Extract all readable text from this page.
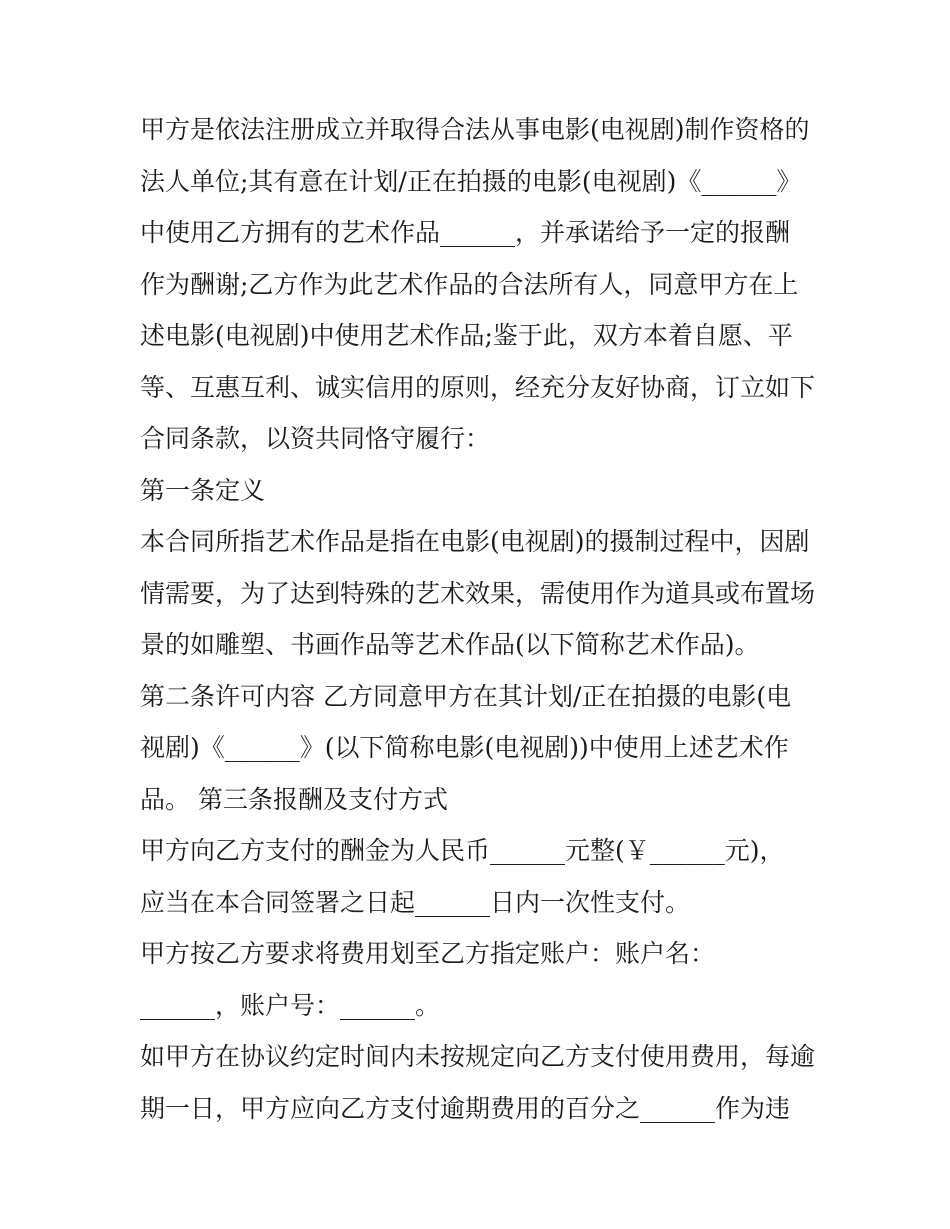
甲方是依法注册成立并取得合法从事电影(电视剧)制作资格的
法人单位;其有意在计划/正在拍摄的电影(电视剧)《______》
中使用乙方拥有的艺术作品______，并承诺给予一定的报酬
作为酬谢;乙方作为此艺术作品的合法所有人，同意甲方在上
述电影(电视剧)中使用艺术作品;鉴于此，双方本着自愿、平
等、互惠互利、诚实信用的原则，经充分友好协商，订立如下
合同条款，以资共同恪守履行：
第一条定义
本合同所指艺术作品是指在电影(电视剧)的摄制过程中，因剧
情需要，为了达到特殊的艺术效果，需使用作为道具或布置场
景的如雕塑、书画作品等艺术作品(以下简称艺术作品)。
第二条许可内容 乙方同意甲方在其计划/正在拍摄的电影(电
视剧)《______》(以下简称电影(电视剧))中使用上述艺术作
品。 第三条报酬及支付方式
甲方向乙方支付的酬金为人民币______元整(￥______元)，
应当在本合同签署之日起______日内一次性支付。
甲方按乙方要求将费用划至乙方指定账户：账户名：
______，账户号：______。
如甲方在协议约定时间内未按规定向乙方支付使用费用，每逾
期一日，甲方应向乙方支付逾期费用的百分之______作为违
